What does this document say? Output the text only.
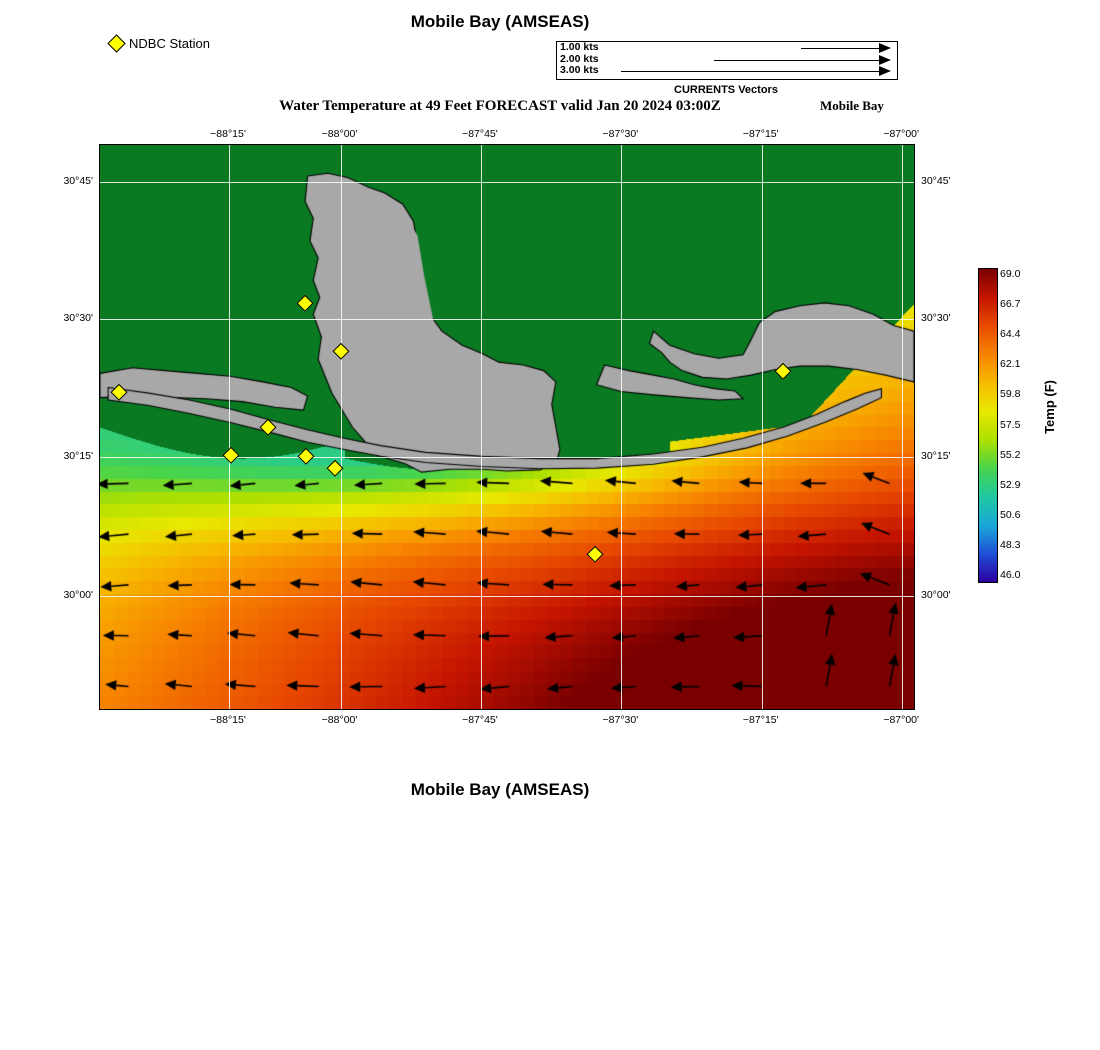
Mobile Bay (AMSEAS)
NDBC Station	1.00 kts
2.00 kts
3.00 kts
CURRENTS Vectors
Water Temperature at 49 Feet FORECAST valid Jan 20 2024 03:00Z	Mobile Bay
−88°15'
−88°15'
−88°00'
−88°00'
−87°45'
−87°45'
−87°30'
−87°30'
−87°15'
−87°15'
−87°00'
−87°00'
30°45'	30°45'
30°30'	30°30'
30°15'	30°15'
30°00'	30°00'
69.0
66.7
64.4
62.1
59.8
57.5
55.2
52.9
50.6
48.3
46.0
Temp (F)
Mobile Bay (AMSEAS)
